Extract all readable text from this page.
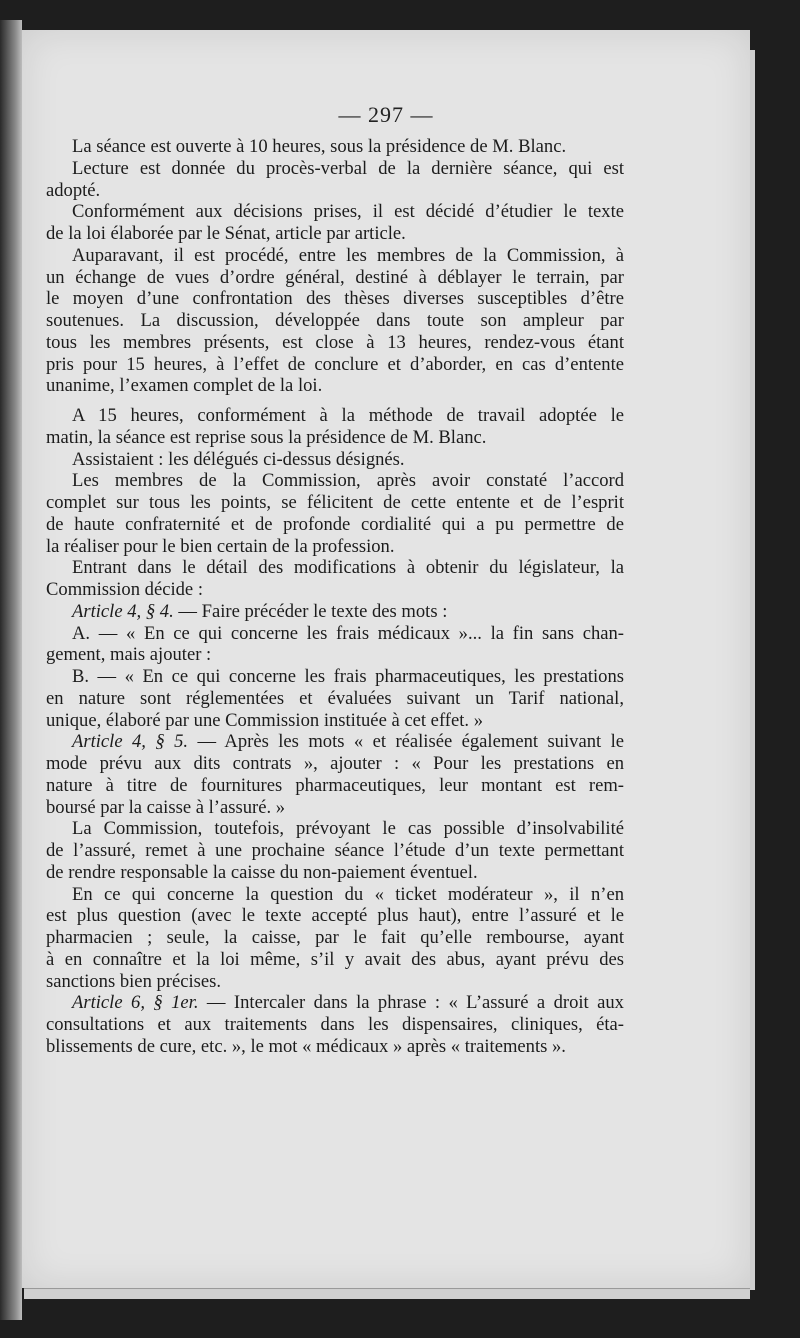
— 297 —
La séance est ouverte à 10 heures, sous la présidence de M. Blanc.
Lecture est donnée du procès-verbal de la dernière séance, qui est
adopté.
Conformément aux décisions prises, il est décidé d’étudier le texte
de la loi élaborée par le Sénat, article par article.
Auparavant, il est procédé, entre les membres de la Commission, à
un échange de vues d’ordre général, destiné à déblayer le terrain, par
le moyen d’une confrontation des thèses diverses susceptibles d’être
soutenues. La discussion, développée dans toute son ampleur par
tous les membres présents, est close à 13 heures, rendez-vous étant
pris pour 15 heures, à l’effet de conclure et d’aborder, en cas d’entente
unanime, l’examen complet de la loi.
A 15 heures, conformément à la méthode de travail adoptée le
matin, la séance est reprise sous la présidence de M. Blanc.
Assistaient : les délégués ci-dessus désignés.
Les membres de la Commission, après avoir constaté l’accord
complet sur tous les points, se félicitent de cette entente et de l’esprit
de haute confraternité et de profonde cordialité qui a pu permettre de
la réaliser pour le bien certain de la profession.
Entrant dans le détail des modifications à obtenir du législateur, la
Commission décide :
Article 4, § 4. — Faire précéder le texte des mots :
A. — « En ce qui concerne les frais médicaux »... la fin sans chan-
gement, mais ajouter :
B. — « En ce qui concerne les frais pharmaceutiques, les prestations
en nature sont réglementées et évaluées suivant un Tarif national,
unique, élaboré par une Commission instituée à cet effet. »
Article 4, § 5. — Après les mots « et réalisée également suivant le
mode prévu aux dits contrats », ajouter : « Pour les prestations en
nature à titre de fournitures pharmaceutiques, leur montant est rem-
boursé par la caisse à l’assuré. »
La Commission, toutefois, prévoyant le cas possible d’insolvabilité
de l’assuré, remet à une prochaine séance l’étude d’un texte permettant
de rendre responsable la caisse du non-paiement éventuel.
En ce qui concerne la question du « ticket modérateur », il n’en
est plus question (avec le texte accepté plus haut), entre l’assuré et le
pharmacien ; seule, la caisse, par le fait qu’elle rembourse, ayant
à en connaître et la loi même, s’il y avait des abus, ayant prévu des
sanctions bien précises.
Article 6, § 1er. — Intercaler dans la phrase : « L’assuré a droit aux
consultations et aux traitements dans les dispensaires, cliniques, éta-
blissements de cure, etc. », le mot « médicaux » après « traitements ».
